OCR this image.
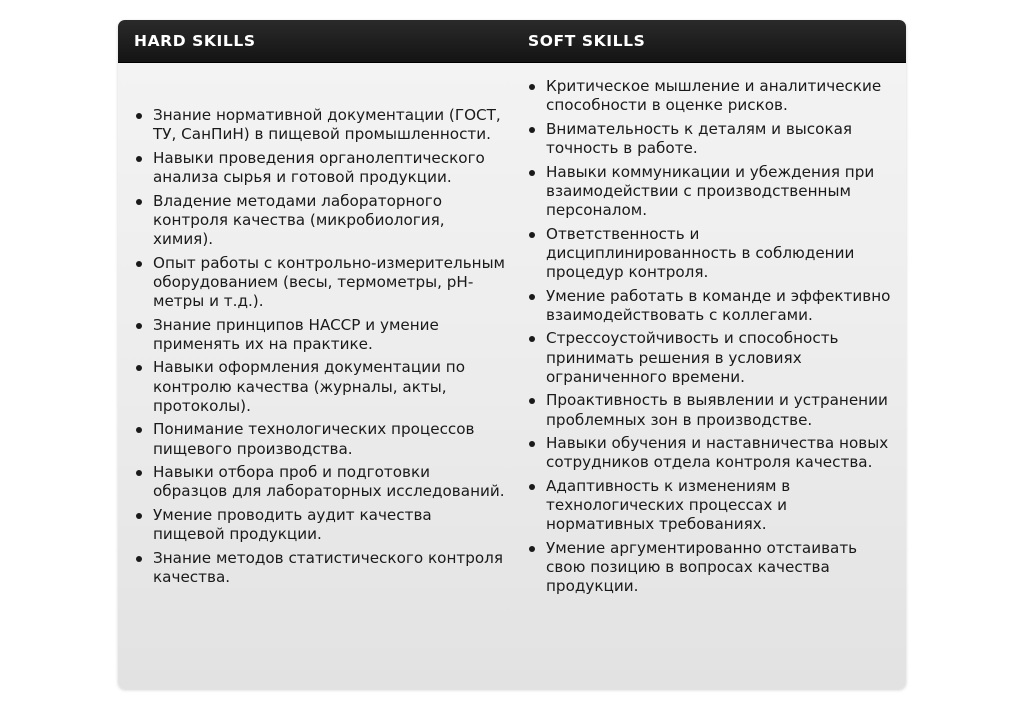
HARD SKILLS	SOFT SKILLS
Знание нормативной документации (ГОСТ, ТУ, СанПиН) в пищевой промышленности.
Навыки проведения органолептического анализа сырья и готовой продукции.
Владение методами лабораторного контроля качества (микробиология, химия).
Опыт работы с контрольно-измерительным оборудованием (весы, термометры, pH-метры и т.д.).
Знание принципов HACCP и умение применять их на практике.
Навыки оформления документации по контролю качества (журналы, акты, протоколы).
Понимание технологических процессов пищевого производства.
Навыки отбора проб и подготовки образцов для лабораторных исследований.
Умение проводить аудит качества пищевой продукции.
Знание методов статистического контроля качества.
Критическое мышление и аналитические способности в оценке рисков.
Внимательность к деталям и высокая точность в работе.
Навыки коммуникации и убеждения при взаимодействии с производственным персоналом.
Ответственность и дисциплинированность в соблюдении процедур контроля.
Умение работать в команде и эффективно взаимодействовать с коллегами.
Стрессоустойчивость и способность принимать решения в условиях ограниченного времени.
Проактивность в выявлении и устранении проблемных зон в производстве.
Навыки обучения и наставничества новых сотрудников отдела контроля качества.
Адаптивность к изменениям в технологических процессах и нормативных требованиях.
Умение аргументированно отстаивать свою позицию в вопросах качества продукции.
